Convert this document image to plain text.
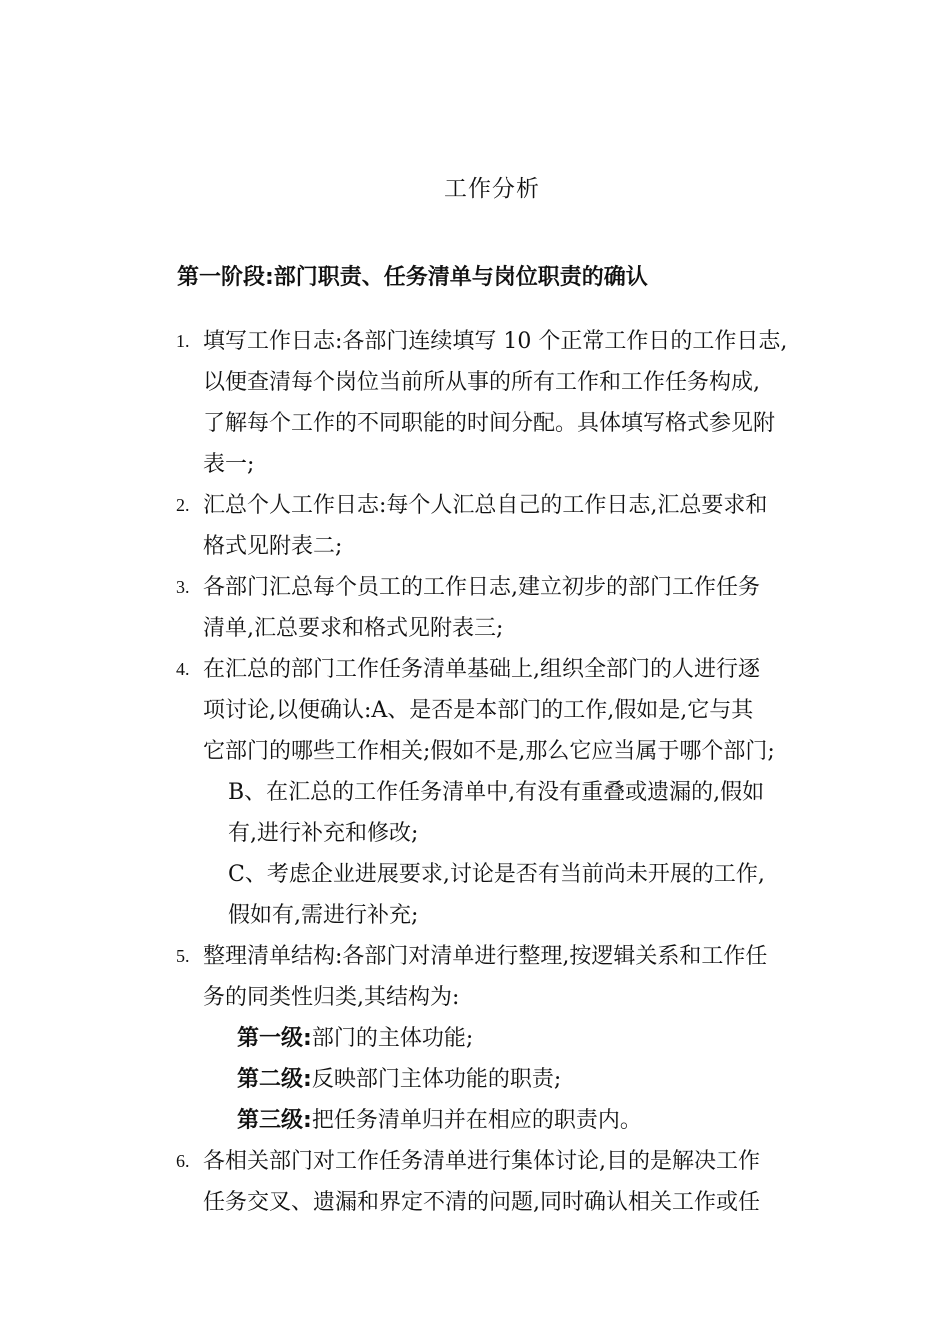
工作分析
第一阶段:部门职责、任务清单与岗位职责的确认
1. 填写工作日志:各部门连续填写 10 个正常工作日的工作日志,
以便查清每个岗位当前所从事的所有工作和工作任务构成,
了解每个工作的不同职能的时间分配。具体填写格式参见附
表一;
2. 汇总个人工作日志:每个人汇总自己的工作日志,汇总要求和
格式见附表二;
3. 各部门汇总每个员工的工作日志,建立初步的部门工作任务
清单,汇总要求和格式见附表三;
4. 在汇总的部门工作任务清单基础上,组织全部门的人进行逐
项讨论,以便确认:A、是否是本部门的工作,假如是,它与其
它部门的哪些工作相关;假如不是,那么它应当属于哪个部门;
B、在汇总的工作任务清单中,有没有重叠或遗漏的,假如
有,进行补充和修改;
C、考虑企业进展要求,讨论是否有当前尚未开展的工作,
假如有,需进行补充;
5. 整理清单结构:各部门对清单进行整理,按逻辑关系和工作任
务的同类性归类,其结构为:
第一级:部门的主体功能;
第二级:反映部门主体功能的职责;
第三级:把任务清单归并在相应的职责内。
6. 各相关部门对工作任务清单进行集体讨论,目的是解决工作
任务交叉、遗漏和界定不清的问题,同时确认相关工作或任
